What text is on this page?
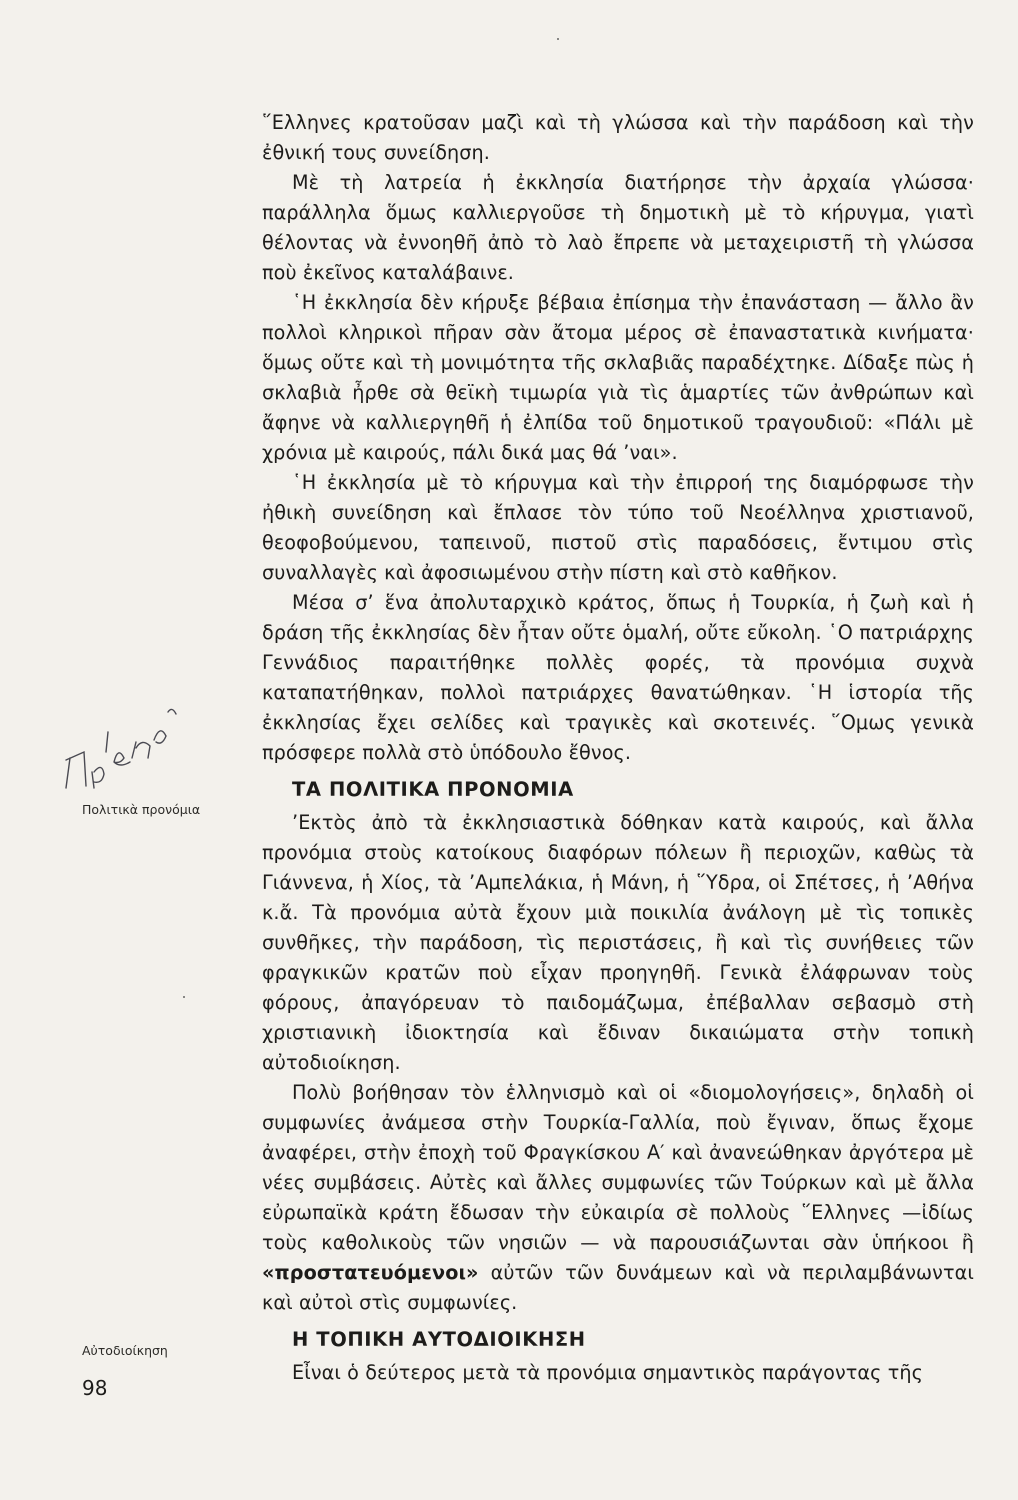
῞Ελληνες κρατοῦσαν μαζὶ καὶ τὴ γλώσσα καὶ τὴν παράδοση καὶ τὴν ἐθνική τους συνείδηση.

Μὲ τὴ λατρεία ἡ ἐκκλησία διατήρησε τὴν ἀρχαία γλώσσα· παράλληλα ὅμως καλλιεργοῦσε τὴ δημοτικὴ μὲ τὸ κήρυγμα, γιατὶ θέλοντας νὰ ἐννοηθῆ ἀπὸ τὸ λαὸ ἔπρεπε νὰ μεταχειριστῆ τὴ γλώσσα ποὺ ἐκεῖνος καταλάβαινε.

῾Η ἐκκλησία δὲν κήρυξε βέβαια ἐπίσημα τὴν ἐπανάσταση — ἄλλο ἂν πολλοὶ κληρικοὶ πῆραν σὰν ἄτομα μέρος σὲ ἐπαναστατικὰ κινήματα· ὅμως οὔτε καὶ τὴ μονιμότητα τῆς σκλαβιᾶς παραδέχτηκε. Δίδαξε πὼς ἡ σκλαβιὰ ἦρθε σὰ θεϊκὴ τιμωρία γιὰ τὶς ἁμαρτίες τῶν ἀνθρώπων καὶ ἄφηνε νὰ καλλιεργηθῆ ἡ ἐλπίδα τοῦ δημοτικοῦ τραγουδιοῦ: «Πάλι μὲ χρόνια μὲ καιρούς, πάλι δικά μας θά ’ναι».

῾Η ἐκκλησία μὲ τὸ κήρυγμα καὶ τὴν ἐπιρροή της διαμόρφωσε τὴν ἠθικὴ συνείδηση καὶ ἔπλασε τὸν τύπο τοῦ Νεοέλληνα χριστιανοῦ, θεοφοβούμενου, ταπεινοῦ, πιστοῦ στὶς παραδόσεις, ἔντιμου στὶς συναλλαγὲς καὶ ἀφοσιωμένου στὴν πίστη καὶ στὸ καθῆκον.

Μέσα σ’ ἕνα ἀπολυταρχικὸ κράτος, ὅπως ἡ Τουρκία, ἡ ζωὴ καὶ ἡ δράση τῆς ἐκκλησίας δὲν ἦταν οὔτε ὁμαλή, οὔτε εὔκολη. ῾Ο πατριάρχης Γεννάδιος παραιτήθηκε πολλὲς φορές, τὰ προνόμια συχνὰ καταπατήθηκαν, πολλοὶ πατριάρχες θανατώθηκαν. ῾Η ἱστορία τῆς ἐκκλησίας ἔχει σελίδες καὶ τραγικὲς καὶ σκοτεινές. ῞Ομως γενικὰ πρόσφερε πολλὰ στὸ ὑπόδουλο ἔθνος.

ΤΑ ΠΟΛΙΤΙΚΑ ΠΡΟΝΟΜΙΑ

’Εκτὸς ἀπὸ τὰ ἐκκλησιαστικὰ δόθηκαν κατὰ καιρούς, καὶ ἄλλα προνόμια στοὺς κατοίκους διαφόρων πόλεων ἢ περιοχῶν, καθὼς τὰ Γιάννενα, ἡ Χίος, τὰ ’Αμπελάκια, ἡ Μάνη, ἡ ῞Υδρα, οἱ Σπέτσες, ἡ ’Αθήνα κ.ἄ. Τὰ προνόμια αὐτὰ ἔχουν μιὰ ποικιλία ἀνάλογη μὲ τὶς τοπικὲς συνθῆκες, τὴν παράδοση, τὶς περιστάσεις, ἢ καὶ τὶς συνήθειες τῶν φραγκικῶν κρατῶν ποὺ εἶχαν προηγηθῆ. Γενικὰ ἐλάφρωναν τοὺς φόρους, ἀπαγόρευαν τὸ παιδομάζωμα, ἐπέβαλλαν σεβασμὸ στὴ χριστιανικὴ ἰδιοκτησία καὶ ἔδιναν δικαιώματα στὴν τοπικὴ αὐτοδιοίκηση.

Πολὺ βοήθησαν τὸν ἑλληνισμὸ καὶ οἱ «διομολογήσεις», δηλαδὴ οἱ συμφωνίες ἀνάμεσα στὴν Τουρκία-Γαλλία, ποὺ ἔγιναν, ὅπως ἔχομε ἀναφέρει, στὴν ἐποχὴ τοῦ Φραγκίσκου Α′ καὶ ἀνανεώθηκαν ἀργότερα μὲ νέες συμβάσεις. Αὐτὲς καὶ ἄλλες συμφωνίες τῶν Τούρκων καὶ μὲ ἄλλα εὐρωπαϊκὰ κράτη ἔδωσαν τὴν εὐκαιρία σὲ πολλοὺς ῞Ελληνες —ἰδίως τοὺς καθολικοὺς τῶν νησιῶν — νὰ παρουσιάζωνται σὰν ὑπήκοοι ἢ «προστατευόμενοι» αὐτῶν τῶν δυνάμεων καὶ νὰ περιλαμβάνωνται καὶ αὐτοὶ στὶς συμφωνίες.

Η ΤΟΠΙΚΗ ΑΥΤΟΔΙΟΙΚΗΣΗ

Εἶναι ὁ δεύτερος μετὰ τὰ προνόμια σημαντικὸς παράγοντας τῆς

Πολιτικὰ προνόμια
Αὐτοδιοίκηση
98
